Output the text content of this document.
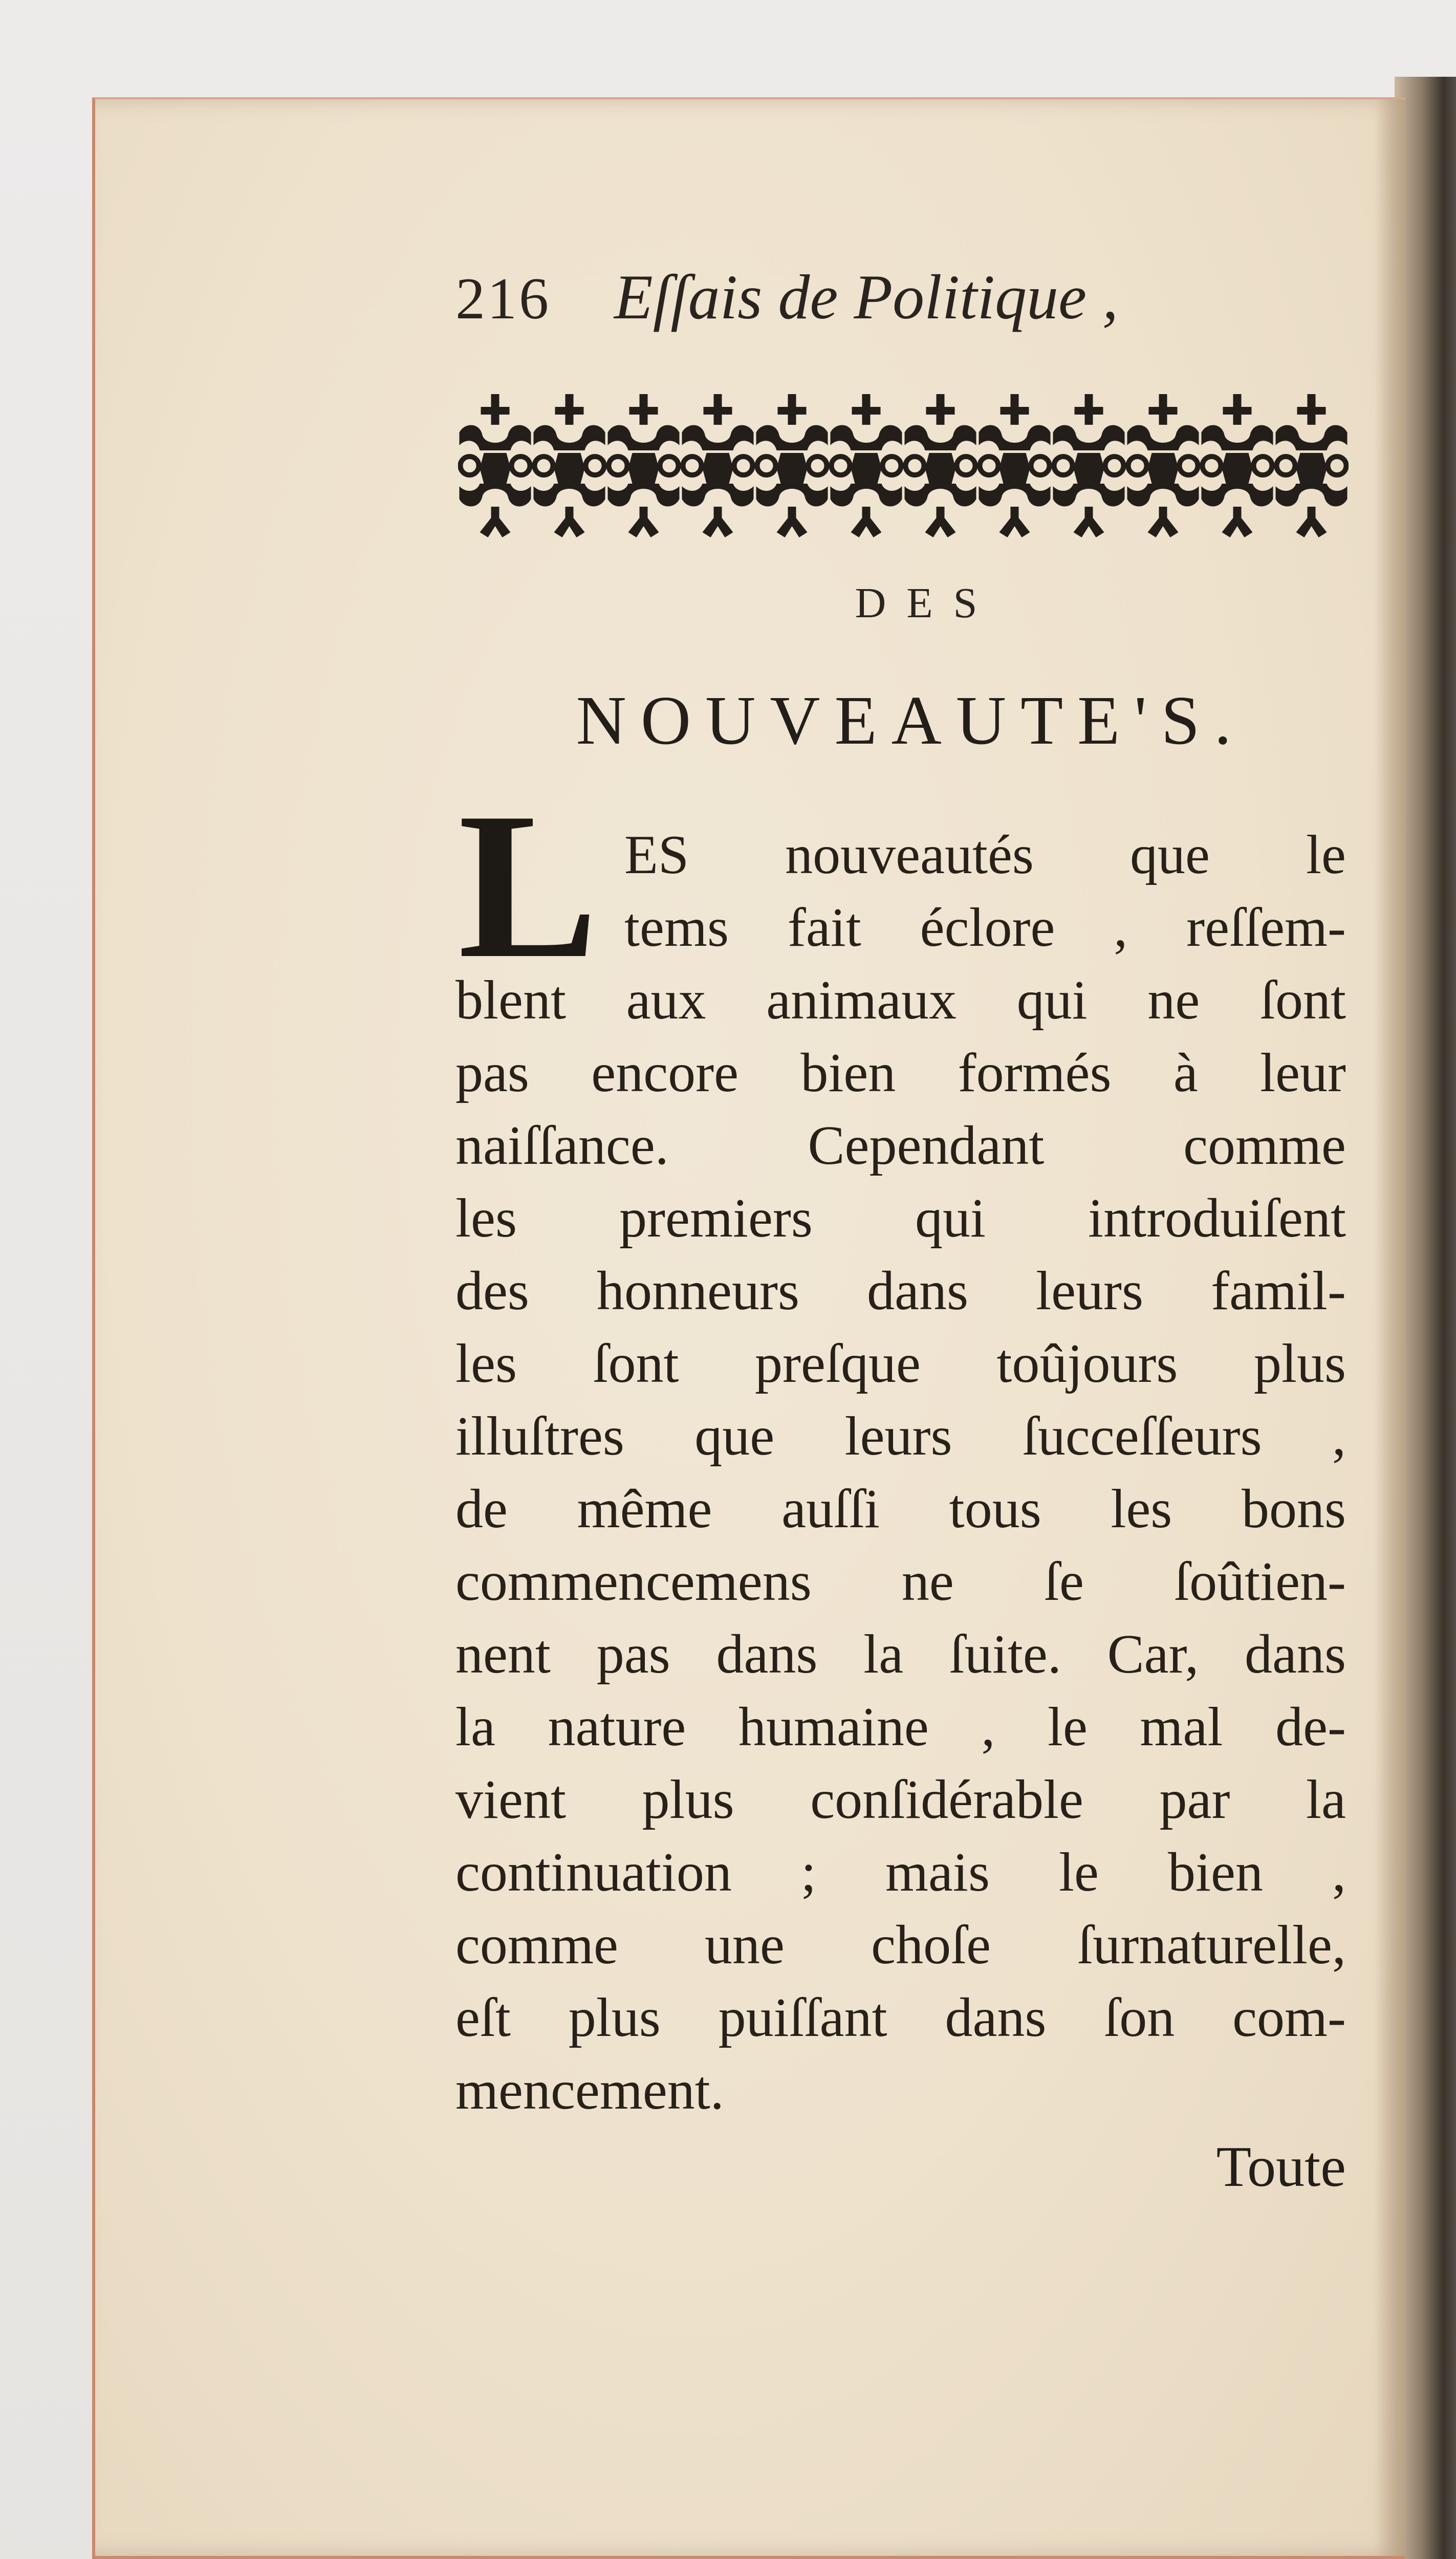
216 Eſſais de Politique ,
DES
NOUVEAUTE'S.
L ES nouveautés que le
tems fait éclore , reſſem-
blent aux animaux qui ne ſont
pas encore bien formés à leur
naiſſance. Cependant comme
les premiers qui introduiſent
des honneurs dans leurs famil-
les ſont preſque toûjours plus
illuſtres que leurs ſucceſſeurs ,
de même auſſi tous les bons
commencemens ne ſe ſoûtien-
nent pas dans la ſuite. Car, dans
la nature humaine , le mal de-
vient plus conſidérable par la
continuation ; mais le bien ,
comme une choſe ſurnaturelle,
eſt plus puiſſant dans ſon com-
mencement.
Toute
